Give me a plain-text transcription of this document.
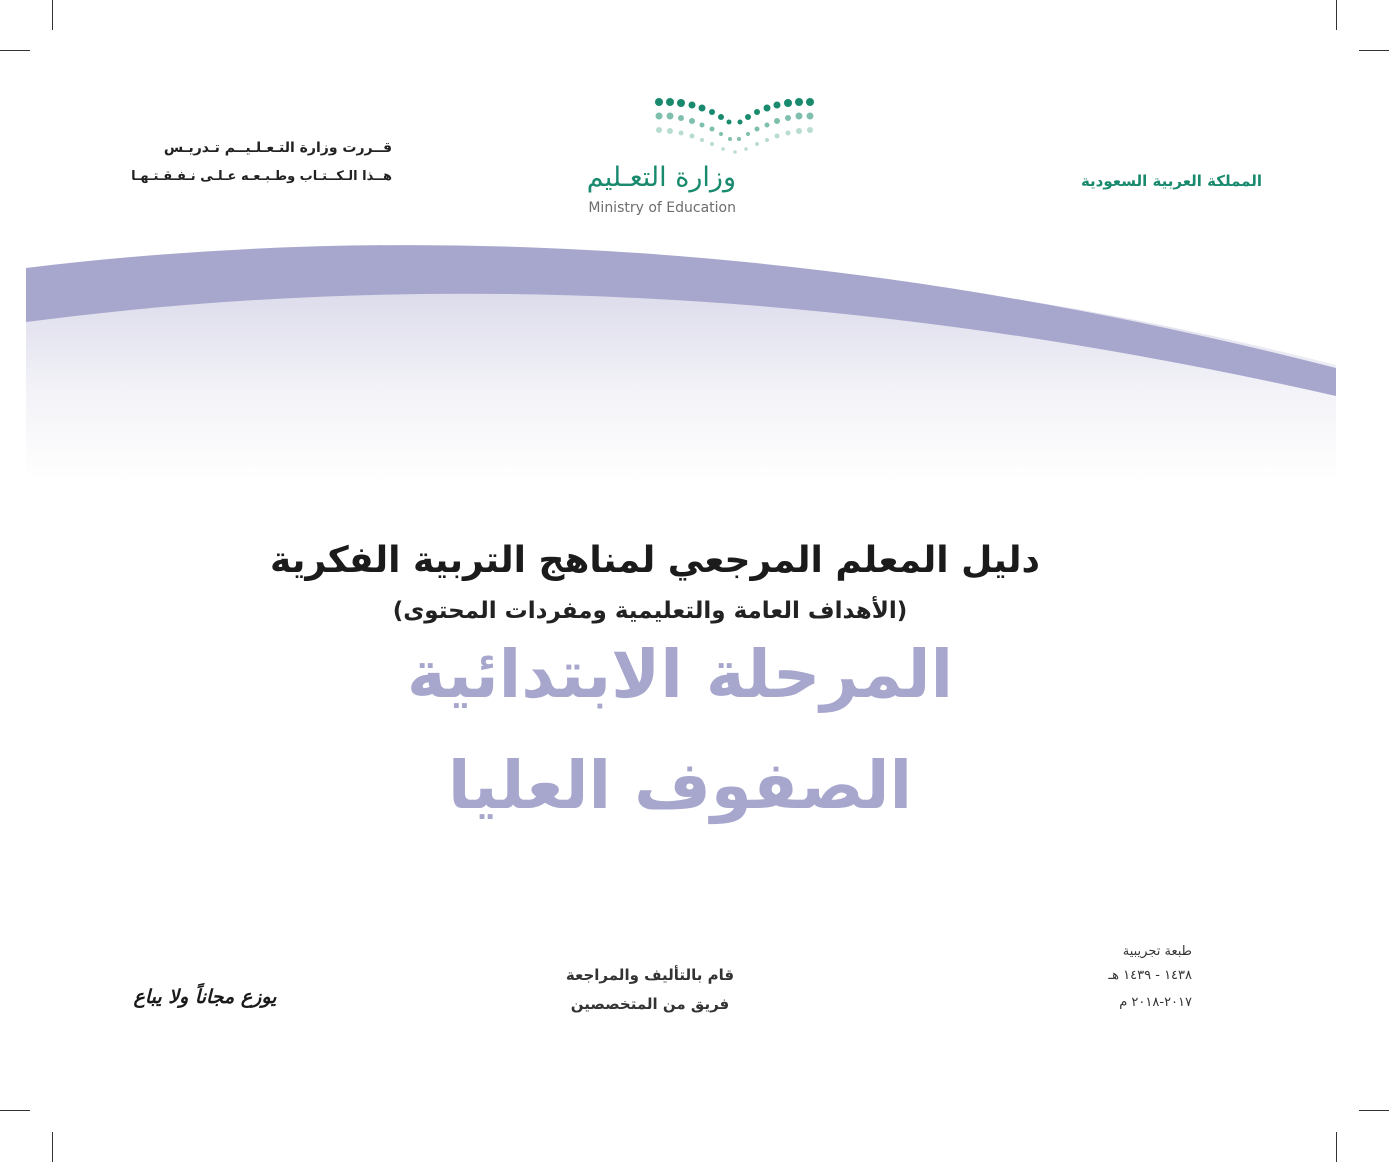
المملكة العربية السعودية
وزارة التعـليم
Ministry of Education
قــررت وزارة التـعـلـيــم تـدريـس
هــذا الـكــتـاب وطـبـعـه عـلـى نـفـقـتـهـا
دليل المعلم المرجعي لمناهج التربية الفكرية
(الأهداف العامة والتعليمية ومفردات المحتوى)
المرحلة الابتدائية
الصفوف العليا
طبعة تجريبية
١٤٣٨ - ١٤٣٩ هـ
٢٠١٧-٢٠١٨ م
قام بالتأليف والمراجعة
فريق من المتخصصين
يوزع مجاناً ولا يباع
